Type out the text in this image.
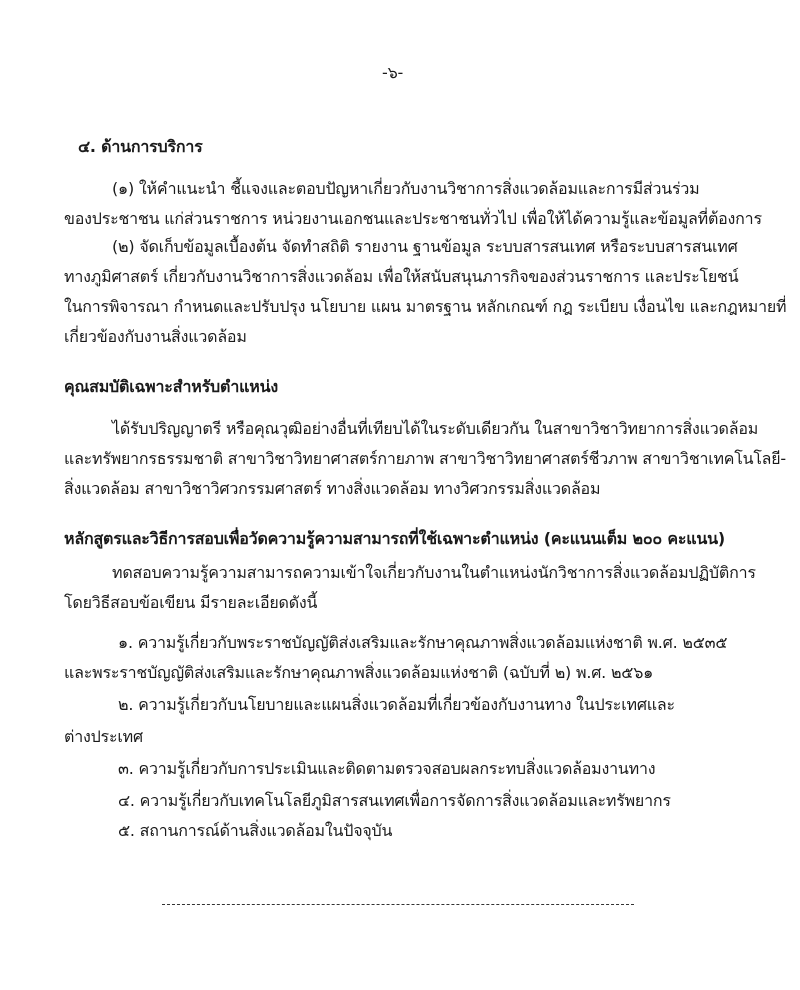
-๖-
๔. ด้านการบริการ
(๑) ให้คำแนะนำ ชี้แจงและตอบปัญหาเกี่ยวกับงานวิชาการสิ่งแวดล้อมและการมีส่วนร่วม
ของประชาชน แก่ส่วนราชการ หน่วยงานเอกชนและประชาชนทั่วไป เพื่อให้ได้ความรู้และข้อมูลที่ต้องการ
(๒) จัดเก็บข้อมูลเบื้องต้น จัดทำสถิติ รายงาน ฐานข้อมูล ระบบสารสนเทศ หรือระบบสารสนเทศ
ทางภูมิศาสตร์ เกี่ยวกับงานวิชาการสิ่งแวดล้อม เพื่อให้สนับสนุนภารกิจของส่วนราชการ และประโยชน์
ในการพิจารณา กำหนดและปรับปรุง นโยบาย แผน มาตรฐาน หลักเกณฑ์ กฎ ระเบียบ เงื่อนไข และกฎหมายที่
เกี่ยวข้องกับงานสิ่งแวดล้อม
คุณสมบัติเฉพาะสำหรับตำแหน่ง
ได้รับปริญญาตรี หรือคุณวุฒิอย่างอื่นที่เทียบได้ในระดับเดียวกัน ในสาขาวิชาวิทยาการสิ่งแวดล้อม
และทรัพยากรธรรมชาติ สาขาวิชาวิทยาศาสตร์กายภาพ สาขาวิชาวิทยาศาสตร์ชีวภาพ สาขาวิชาเทคโนโลยี-
สิ่งแวดล้อม สาขาวิชาวิศวกรรมศาสตร์ ทางสิ่งแวดล้อม ทางวิศวกรรมสิ่งแวดล้อม
หลักสูตรและวิธีการสอบเพื่อวัดความรู้ความสามารถที่ใช้เฉพาะตำแหน่ง (คะแนนเต็ม ๒๐๐ คะแนน)
ทดสอบความรู้ความสามารถความเข้าใจเกี่ยวกับงานในตำแหน่งนักวิชาการสิ่งแวดล้อมปฏิบัติการ
โดยวิธีสอบข้อเขียน มีรายละเอียดดังนี้
๑. ความรู้เกี่ยวกับพระราชบัญญัติส่งเสริมและรักษาคุณภาพสิ่งแวดล้อมแห่งชาติ พ.ศ. ๒๕๓๕
และพระราชบัญญัติส่งเสริมและรักษาคุณภาพสิ่งแวดล้อมแห่งชาติ (ฉบับที่ ๒) พ.ศ. ๒๕๖๑
๒. ความรู้เกี่ยวกับนโยบายและแผนสิ่งแวดล้อมที่เกี่ยวข้องกับงานทาง ในประเทศและ
ต่างประเทศ
๓. ความรู้เกี่ยวกับการประเมินและติดตามตรวจสอบผลกระทบสิ่งแวดล้อมงานทาง
๔. ความรู้เกี่ยวกับเทคโนโลยีภูมิสารสนเทศเพื่อการจัดการสิ่งแวดล้อมและทรัพยากร
๕. สถานการณ์ด้านสิ่งแวดล้อมในปัจจุบัน
